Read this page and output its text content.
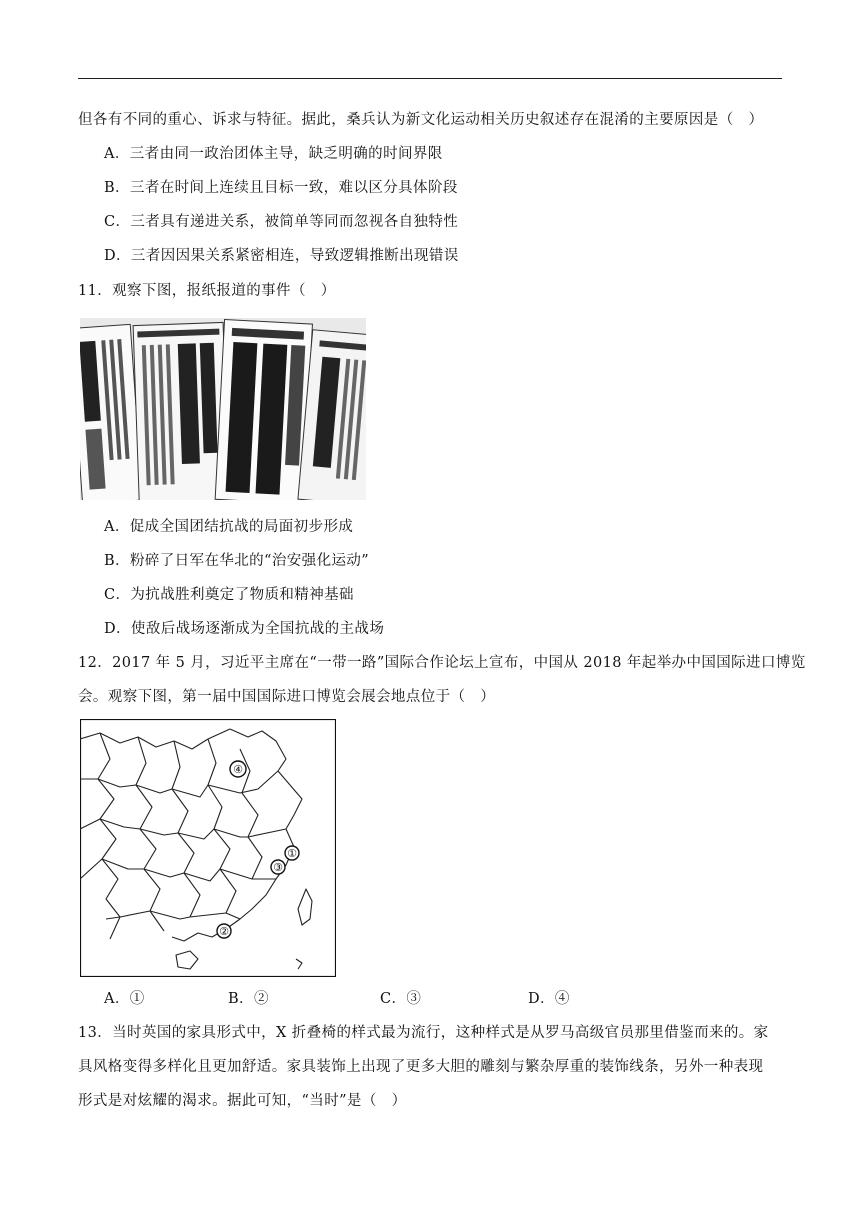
但各有不同的重心、诉求与特征。据此，桑兵认为新文化运动相关历史叙述存在混淆的主要原因是（　）
A．三者由同一政治团体主导，缺乏明确的时间界限
B．三者在时间上连续且目标一致，难以区分具体阶段
C．三者具有递进关系，被简单等同而忽视各自独特性
D．三者因因果关系紧密相连，导致逻辑推断出现错误
11．观察下图，报纸报道的事件（　）
A．促成全国团结抗战的局面初步形成
B．粉碎了日军在华北的“治安强化运动”
C．为抗战胜利奠定了物质和精神基础
D．使敌后战场逐渐成为全国抗战的主战场
12．2017 年 5 月，习近平主席在“一带一路”国际合作论坛上宣布，中国从 2018 年起举办中国国际进口博览
会。观察下图，第一届中国国际进口博览会展会地点位于（　）
④
①
③
②
A．①	B．②	C．③	D．④
13．当时英国的家具形式中，X 折叠椅的样式最为流行，这种样式是从罗马高级官员那里借鉴而来的。家
具风格变得多样化且更加舒适。家具装饰上出现了更多大胆的雕刻与繁杂厚重的装饰线条，另外一种表现
形式是对炫耀的渴求。据此可知，“当时”是（　）
